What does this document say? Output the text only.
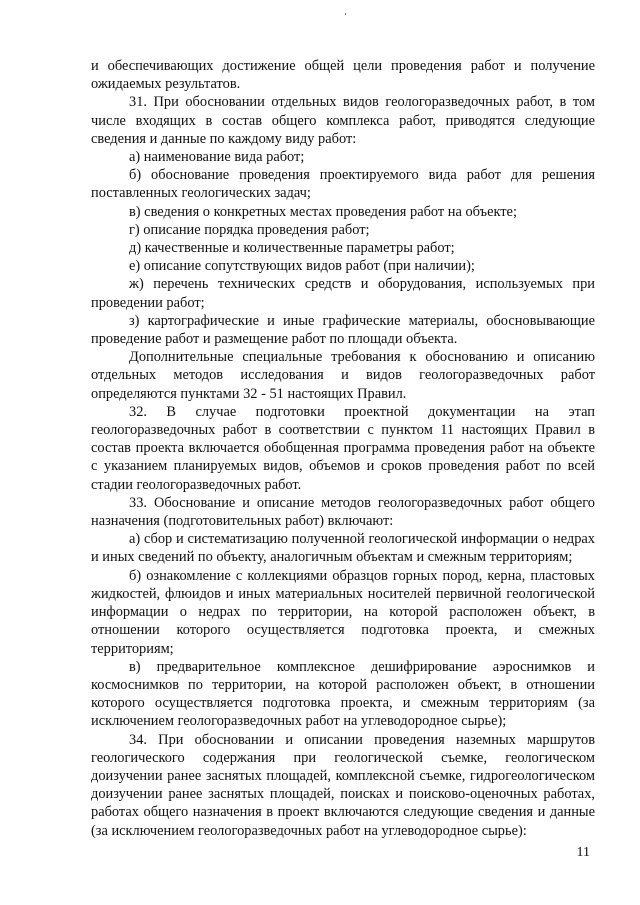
и обеспечивающих достижение общей цели проведения работ и получение ожидаемых результатов.

31. При обосновании отдельных видов геологоразведочных работ, в том числе входящих в состав общего комплекса работ, приводятся следующие сведения и данные по каждому виду работ:

а) наименование вида работ;

б) обоснование проведения проектируемого вида работ для решения поставленных геологических задач;

в) сведения о конкретных местах проведения работ на объекте;

г) описание порядка проведения работ;

д) качественные и количественные параметры работ;

е) описание сопутствующих видов работ (при наличии);

ж) перечень технических средств и оборудования, используемых при проведении работ;

з) картографические и иные графические материалы, обосновывающие проведение работ и размещение работ по площади объекта.

Дополнительные специальные требования к обоснованию и описанию отдельных методов исследования и видов геологоразведочных работ определяются пунктами 32 - 51 настоящих Правил.

32. В случае подготовки проектной документации на этап геологоразведочных работ в соответствии с пунктом 11 настоящих Правил в состав проекта включается обобщенная программа проведения работ на объекте с указанием планируемых видов, объемов и сроков проведения работ по всей стадии геологоразведочных работ.

33. Обоснование и описание методов геологоразведочных работ общего назначения (подготовительных работ) включают:

а) сбор и систематизацию полученной геологической информации о недрах и иных сведений по объекту, аналогичным объектам и смежным территориям;

б) ознакомление с коллекциями образцов горных пород, керна, пластовых жидкостей, флюидов и иных материальных носителей первичной геологической информации о недрах по территории, на которой расположен объект, в отношении которого осуществляется подготовка проекта, и смежных территориям;

в) предварительное комплексное дешифрирование аэроснимков и космоснимков по территории, на которой расположен объект, в отношении которого осуществляется подготовка проекта, и смежным территориям (за исключением геологоразведочных работ на углеводородное сырье);

34. При обосновании и описании проведения наземных маршрутов геологического содержания при геологической съемке, геологическом доизучении ранее заснятых площадей, комплексной съемке, гидрогеологическом доизучении ранее заснятых площадей, поисках и поисково-оценочных работах, работах общего назначения в проект включаются следующие сведения и данные (за исключением геологоразведочных работ на углеводородное сырье):

11
